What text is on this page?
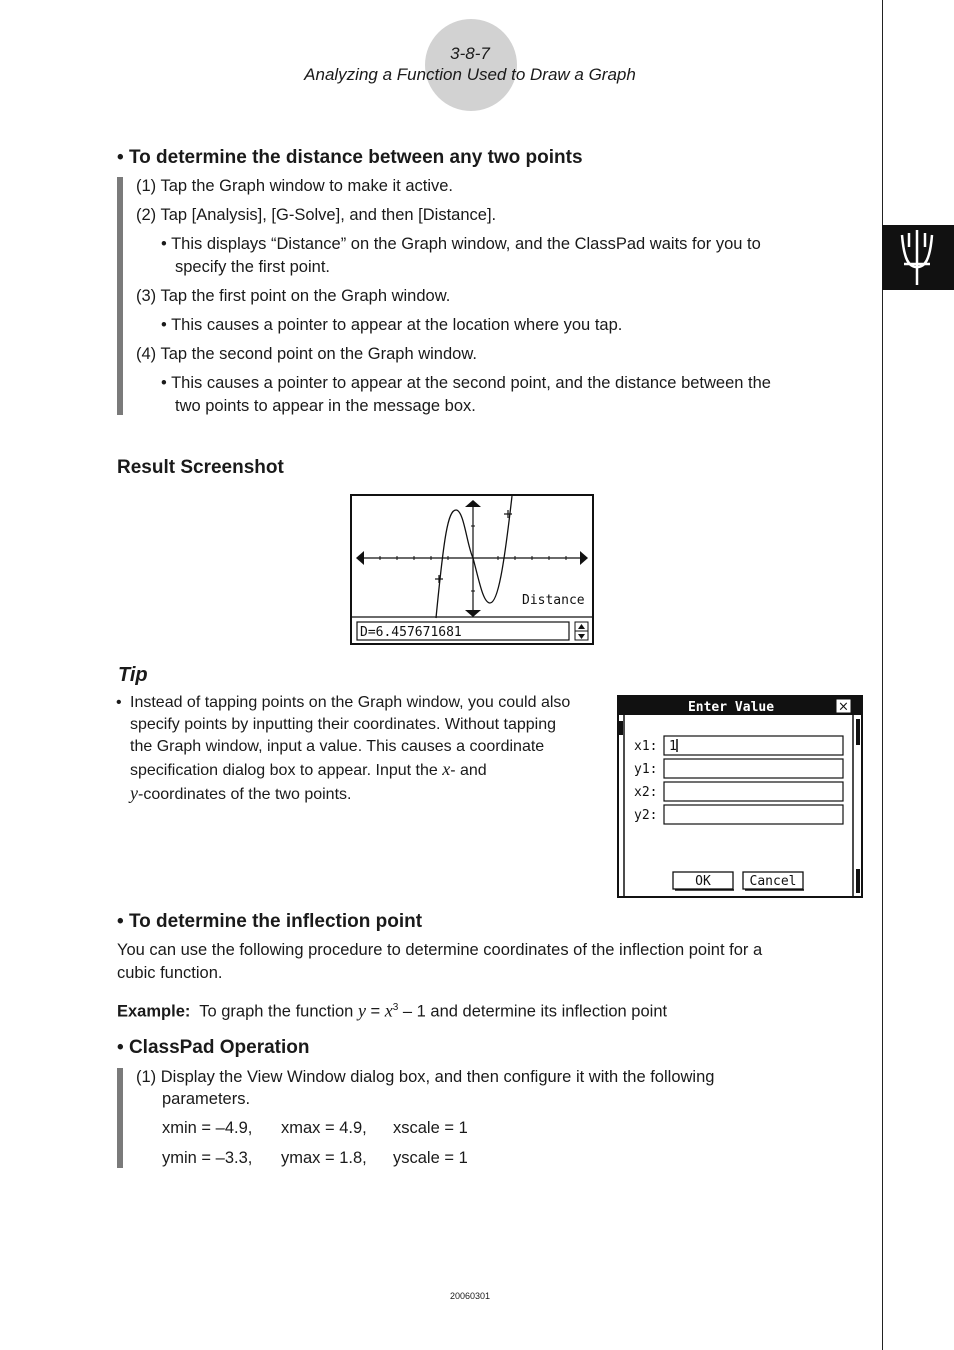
3-8-7
Analyzing a Function Used to Draw a Graph
• To determine the distance between any two points
(1) Tap the Graph window to make it active.
(2) Tap [Analysis], [G-Solve], and then [Distance].
• This displays “Distance” on the Graph window, and the ClassPad waits for you to
specify the first point.
(3) Tap the first point on the Graph window.
• This causes a pointer to appear at the location where you tap.
(4) Tap the second point on the Graph window.
• This causes a pointer to appear at the second point, and the distance between the
two points to appear in the message box.
Result Screenshot
Distance
D=6.457671681
Tip
• Instead of tapping points on the Graph window, you could also
specify points by inputting their coordinates. Without tapping
the Graph window, input a value. This causes a coordinate
specification dialog box to appear. Input the x- and
y-coordinates of the two points.
Enter Value	×
x1:
y1:
x2:
y2:
1
OK	Cancel
• To determine the inflection point
You can use the following procedure to determine coordinates of the inflection point for a
cubic function.
Example: To graph the function $y = x^3 - 1$ and determine its inflection point
• ClassPad Operation
(1) Display the View Window dialog box, and then configure it with the following
parameters.
xmin = –4.9, xmax = 4.9, xscale = 1
ymin = –3.3, ymax = 1.8, yscale = 1
20060301
